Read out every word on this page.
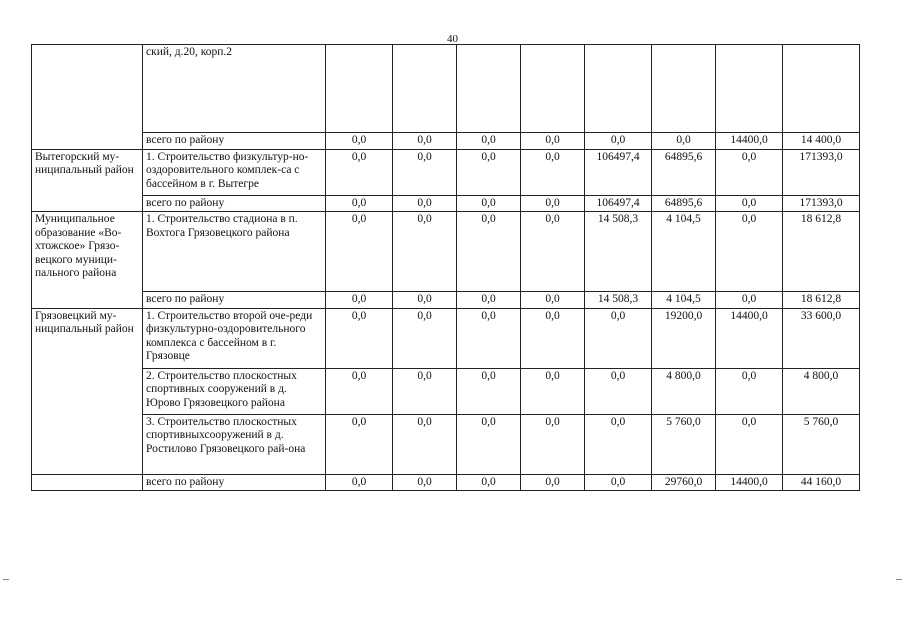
40
	ский, д.20, корп.2								
	всего по району	0,0	0,0	0,0	0,0	0,0	0,0	14400,0	14 400,0
Вытегорский му-ниципальный район	1. Строительство физкультур-но-оздоровительного комплек-са с бассейном в г. Вытегре	0,0	0,0	0,0	0,0	106497,4	64895,6	0,0	171393,0
	всего по району	0,0	0,0	0,0	0,0	106497,4	64895,6	0,0	171393,0
Муниципальное образование «Во-хтожское» Грязо-вецкого муници-пального района	1. Строительство стадиона в п. Вохтога Грязовецкого района	0,0	0,0	0,0	0,0	14 508,3	4 104,5	0,0	18 612,8
	всего по району	0,0	0,0	0,0	0,0	14 508,3	4 104,5	0,0	18 612,8
Грязовецкий му-ниципальный район	1. Строительство второй оче-реди физкультурно-оздоровительного комплекса с бассейном в г. Грязовце	0,0	0,0	0,0	0,0	0,0	19200,0	14400,0	33 600,0
	2. Строительство плоскостных спортивных сооружений в д. Юрово Грязовецкого района	0,0	0,0	0,0	0,0	0,0	4 800,0	0,0	4 800,0
	3. Строительство плоскостных спортивныхсооружений в д. Ростилово Грязовецкого рай-она	0,0	0,0	0,0	0,0	0,0	5 760,0	0,0	5 760,0
	всего по району	0,0	0,0	0,0	0,0	0,0	29760,0	14400,0	44 160,0
